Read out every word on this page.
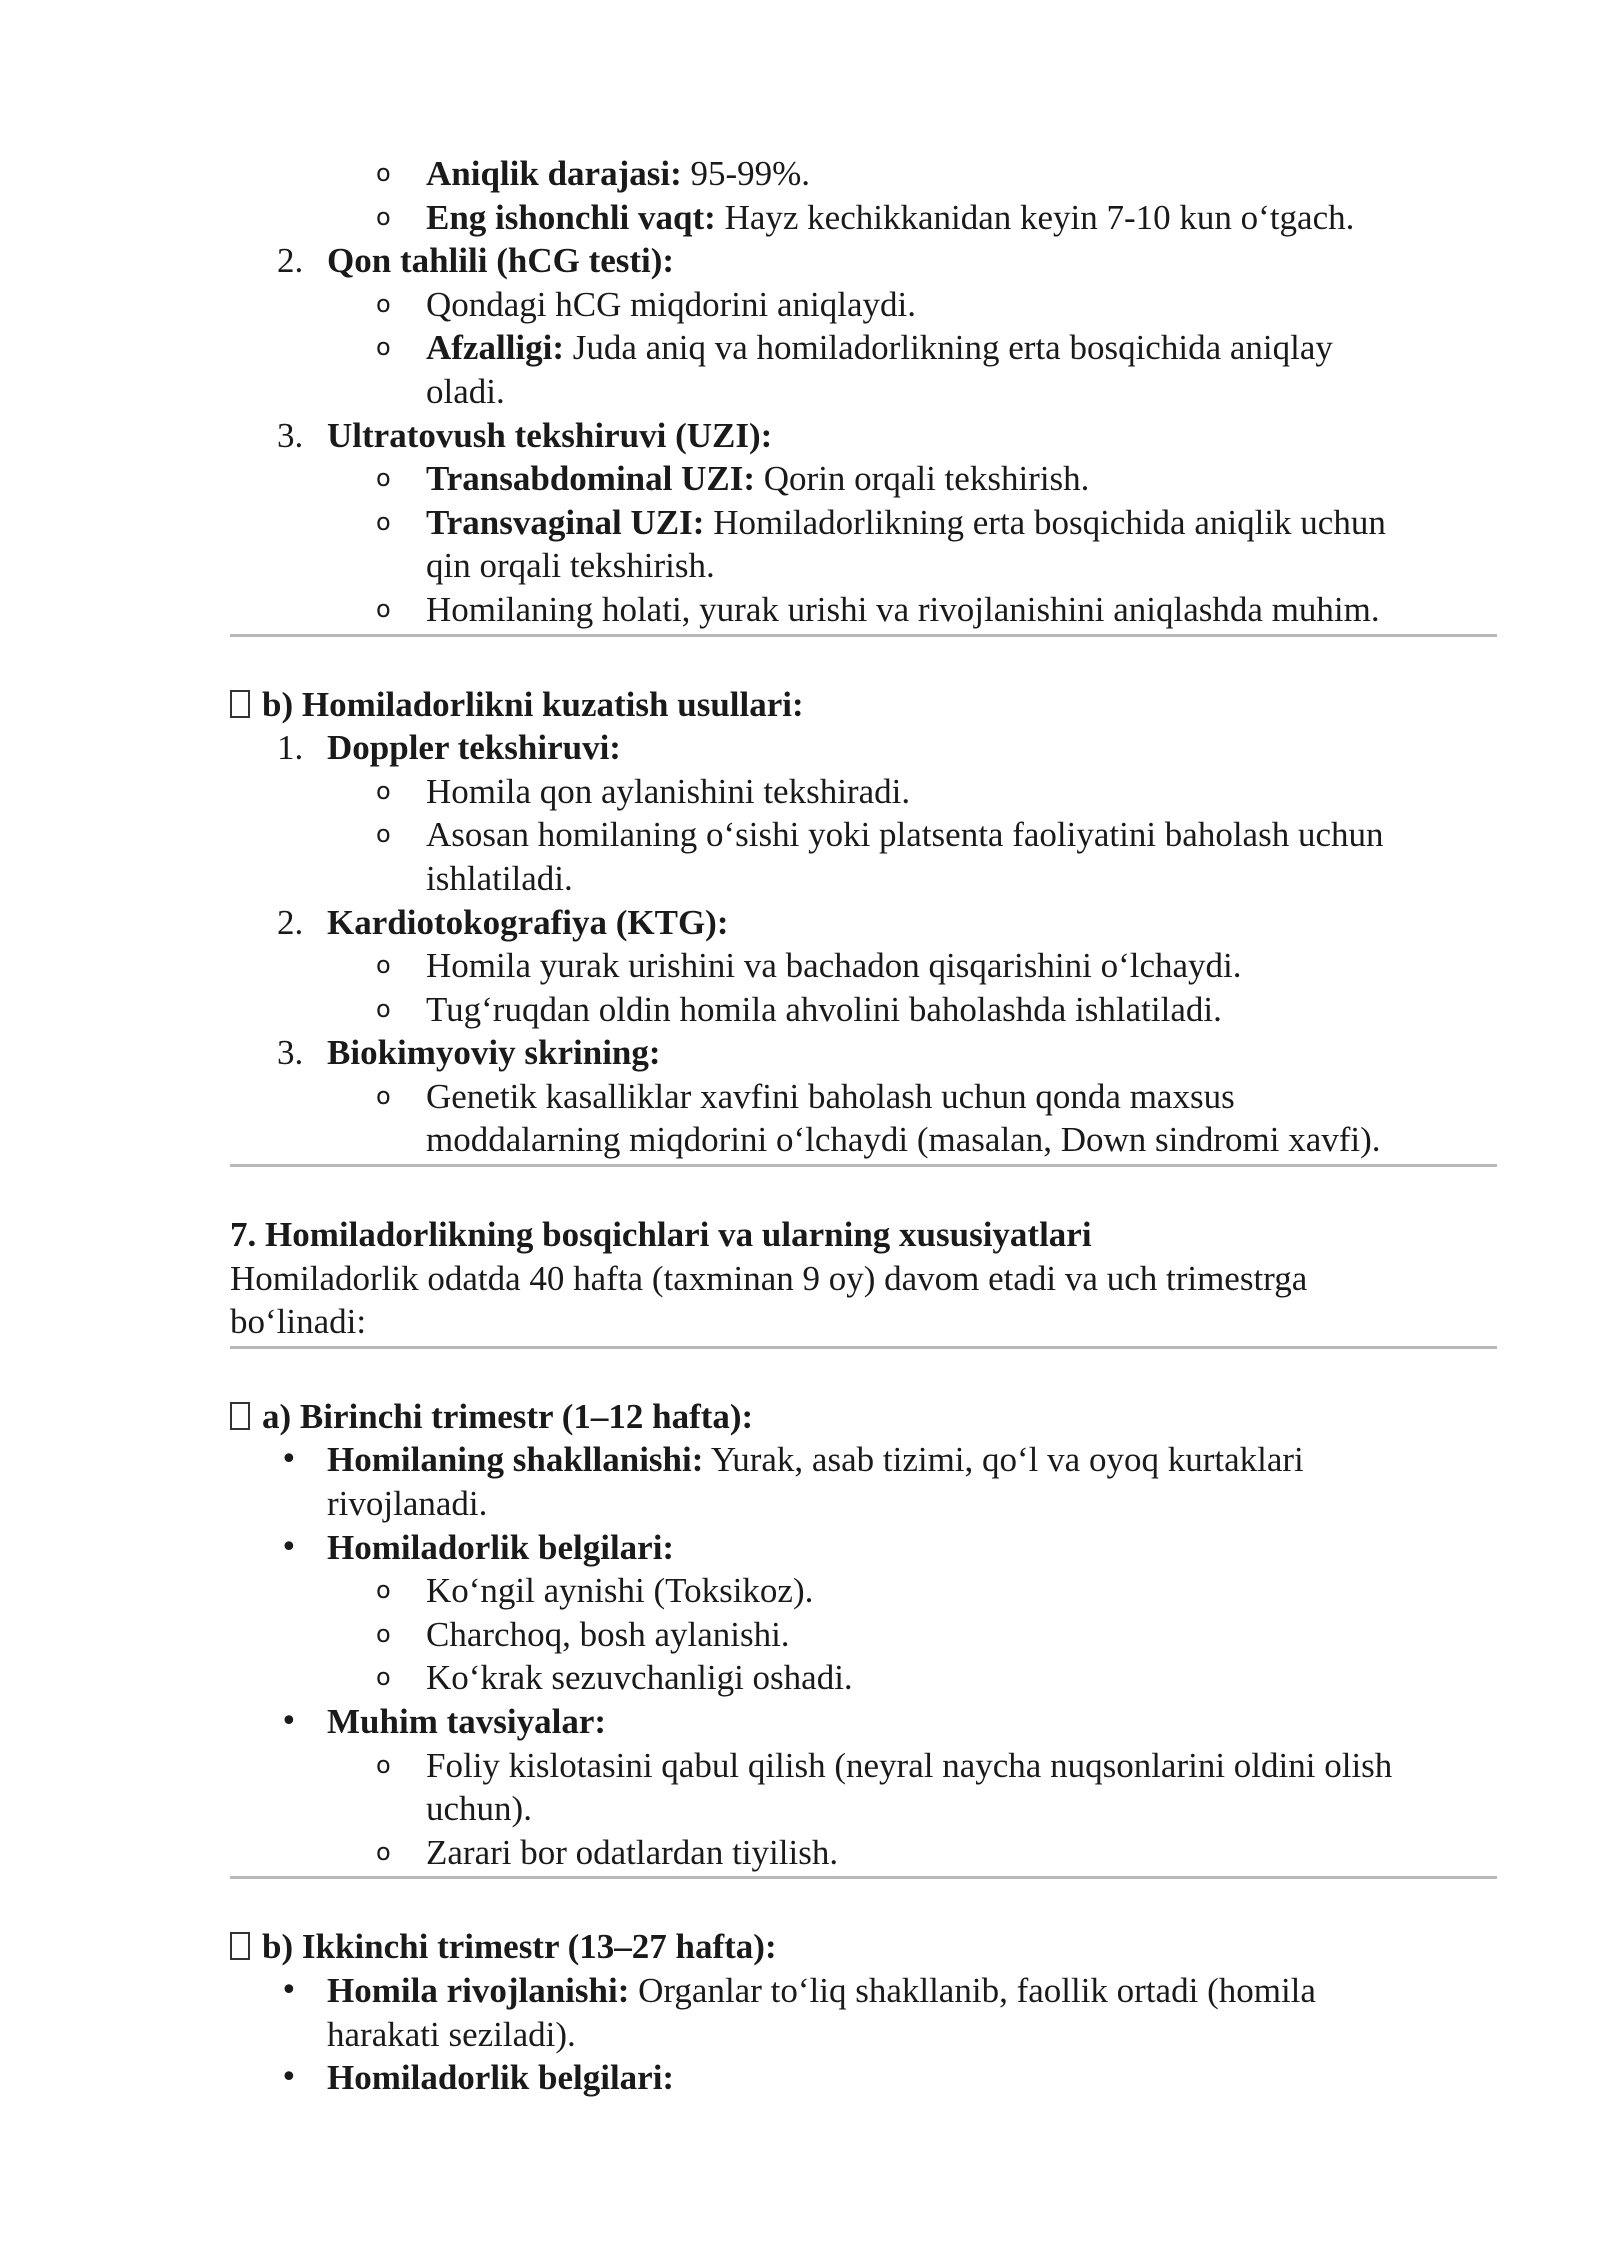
o Aniqlik darajasi: 95-99%.
o Eng ishonchli vaqt: Hayz kechikkanidan keyin 7-10 kun o‘tgach.
2. Qon tahlili (hCG testi):
o Qondagi hCG miqdorini aniqlaydi.
o Afzalligi: Juda aniq va homiladorlikning erta bosqichida aniqlay
oladi.
3. Ultratovush tekshiruvi (UZI):
o Transabdominal UZI: Qorin orqali tekshirish.
o Transvaginal UZI: Homiladorlikning erta bosqichida aniqlik uchun
qin orqali tekshirish.
o Homilaning holati, yurak urishi va rivojlanishini aniqlashda muhim.
b) Homiladorlikni kuzatish usullari:
1. Doppler tekshiruvi:
o Homila qon aylanishini tekshiradi.
o Asosan homilaning o‘sishi yoki platsenta faoliyatini baholash uchun
ishlatiladi.
2. Kardiotokografiya (KTG):
o Homila yurak urishini va bachadon qisqarishini o‘lchaydi.
o Tug‘ruqdan oldin homila ahvolini baholashda ishlatiladi.
3. Biokimyoviy skrining:
o Genetik kasalliklar xavfini baholash uchun qonda maxsus
moddalarning miqdorini o‘lchaydi (masalan, Down sindromi xavfi).
7. Homiladorlikning bosqichlari va ularning xususiyatlari
Homiladorlik odatda 40 hafta (taxminan 9 oy) davom etadi va uch trimestrga
bo‘linadi:
a) Birinchi trimestr (1–12 hafta):
• Homilaning shakllanishi: Yurak, asab tizimi, qo‘l va oyoq kurtaklari
rivojlanadi.
• Homiladorlik belgilari:
o Ko‘ngil aynishi (Toksikoz).
o Charchoq, bosh aylanishi.
o Ko‘krak sezuvchanligi oshadi.
• Muhim tavsiyalar:
o Foliy kislotasini qabul qilish (neyral naycha nuqsonlarini oldini olish
uchun).
o Zarari bor odatlardan tiyilish.
b) Ikkinchi trimestr (13–27 hafta):
• Homila rivojlanishi: Organlar to‘liq shakllanib, faollik ortadi (homila
harakati seziladi).
• Homiladorlik belgilari:
